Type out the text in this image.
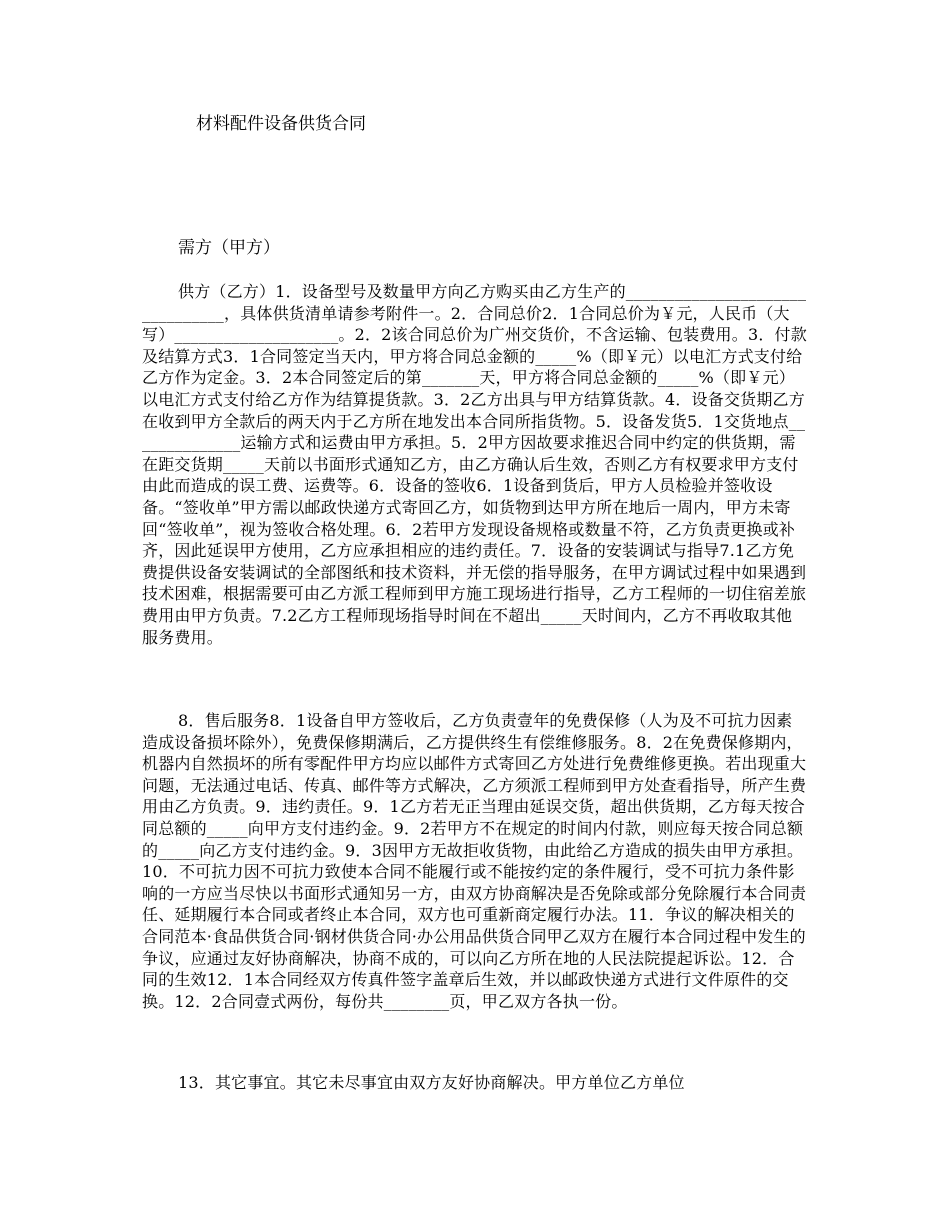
材料配件设备供货合同
需方（甲方）

供方（乙方）1．设备型号及数量甲方向乙方购买由乙方生产的________________________________，具体供货清单请参考附件一。2．合同总价2．1合同总价为￥元，人民币（大写）____________________。2．2该合同总价为广州交货价，不含运输、包装费用。3．付款及结算方式3．1合同签定当天内，甲方将合同总金额的_____%（即￥元）以电汇方式支付给乙方作为定金。3．2本合同签定后的第_______天，甲方将合同总金额的_____%（即￥元）以电汇方式支付给乙方作为结算提货款。3．2乙方出具与甲方结算货款。4．设备交货期乙方在收到甲方全款后的两天内于乙方所在地发出本合同所指货物。5．设备发货5．1交货地点______________运输方式和运费由甲方承担。5．2甲方因故要求推迟合同中约定的供货期，需在距交货期_____天前以书面形式通知乙方，由乙方确认后生效，否则乙方有权要求甲方支付由此而造成的误工费、运费等。6．设备的签收6．1设备到货后，甲方人员检验并签收设备。“签收单”甲方需以邮政快递方式寄回乙方，如货物到达甲方所在地后一周内，甲方未寄回“签收单”，视为签收合格处理。6．2若甲方发现设备规格或数量不符，乙方负责更换或补齐，因此延误甲方使用，乙方应承担相应的违约责任。7．设备的安装调试与指导7.1乙方免费提供设备安装调试的全部图纸和技术资料，并无偿的指导服务，在甲方调试过程中如果遇到技术困难，根据需要可由乙方派工程师到甲方施工现场进行指导，乙方工程师的一切住宿差旅费用由甲方负责。7.2乙方工程师现场指导时间在不超出_____天时间内，乙方不再收取其他服务费用。

8．售后服务8．1设备自甲方签收后，乙方负责壹年的免费保修（人为及不可抗力因素造成设备损坏除外），免费保修期满后，乙方提供终生有偿维修服务。8．2在免费保修期内，机器内自然损坏的所有零配件甲方均应以邮件方式寄回乙方处进行免费维修更换。若出现重大问题，无法通过电话、传真、邮件等方式解决，乙方须派工程师到甲方处查看指导，所产生费用由乙方负责。9．违约责任。9．1乙方若无正当理由延误交货，超出供货期，乙方每天按合同总额的_____向甲方支付违约金。9．2若甲方不在规定的时间内付款，则应每天按合同总额的_____向乙方支付违约金。9．3因甲方无故拒收货物，由此给乙方造成的损失由甲方承担。10．不可抗力因不可抗力致使本合同不能履行或不能按约定的条件履行，受不可抗力条件影响的一方应当尽快以书面形式通知另一方，由双方协商解决是否免除或部分免除履行本合同责任、延期履行本合同或者终止本合同，双方也可重新商定履行办法。11．争议的解决相关的合同范本·食品供货合同·钢材供货合同·办公用品供货合同甲乙双方在履行本合同过程中发生的争议，应通过友好协商解决，协商不成的，可以向乙方所在地的人民法院提起诉讼。12．合同的生效12．1本合同经双方传真件签字盖章后生效，并以邮政快递方式进行文件原件的交换。12．2合同壹式两份，每份共________页，甲乙双方各执一份。

13．其它事宜。其它未尽事宜由双方友好协商解决。甲方单位乙方单位
